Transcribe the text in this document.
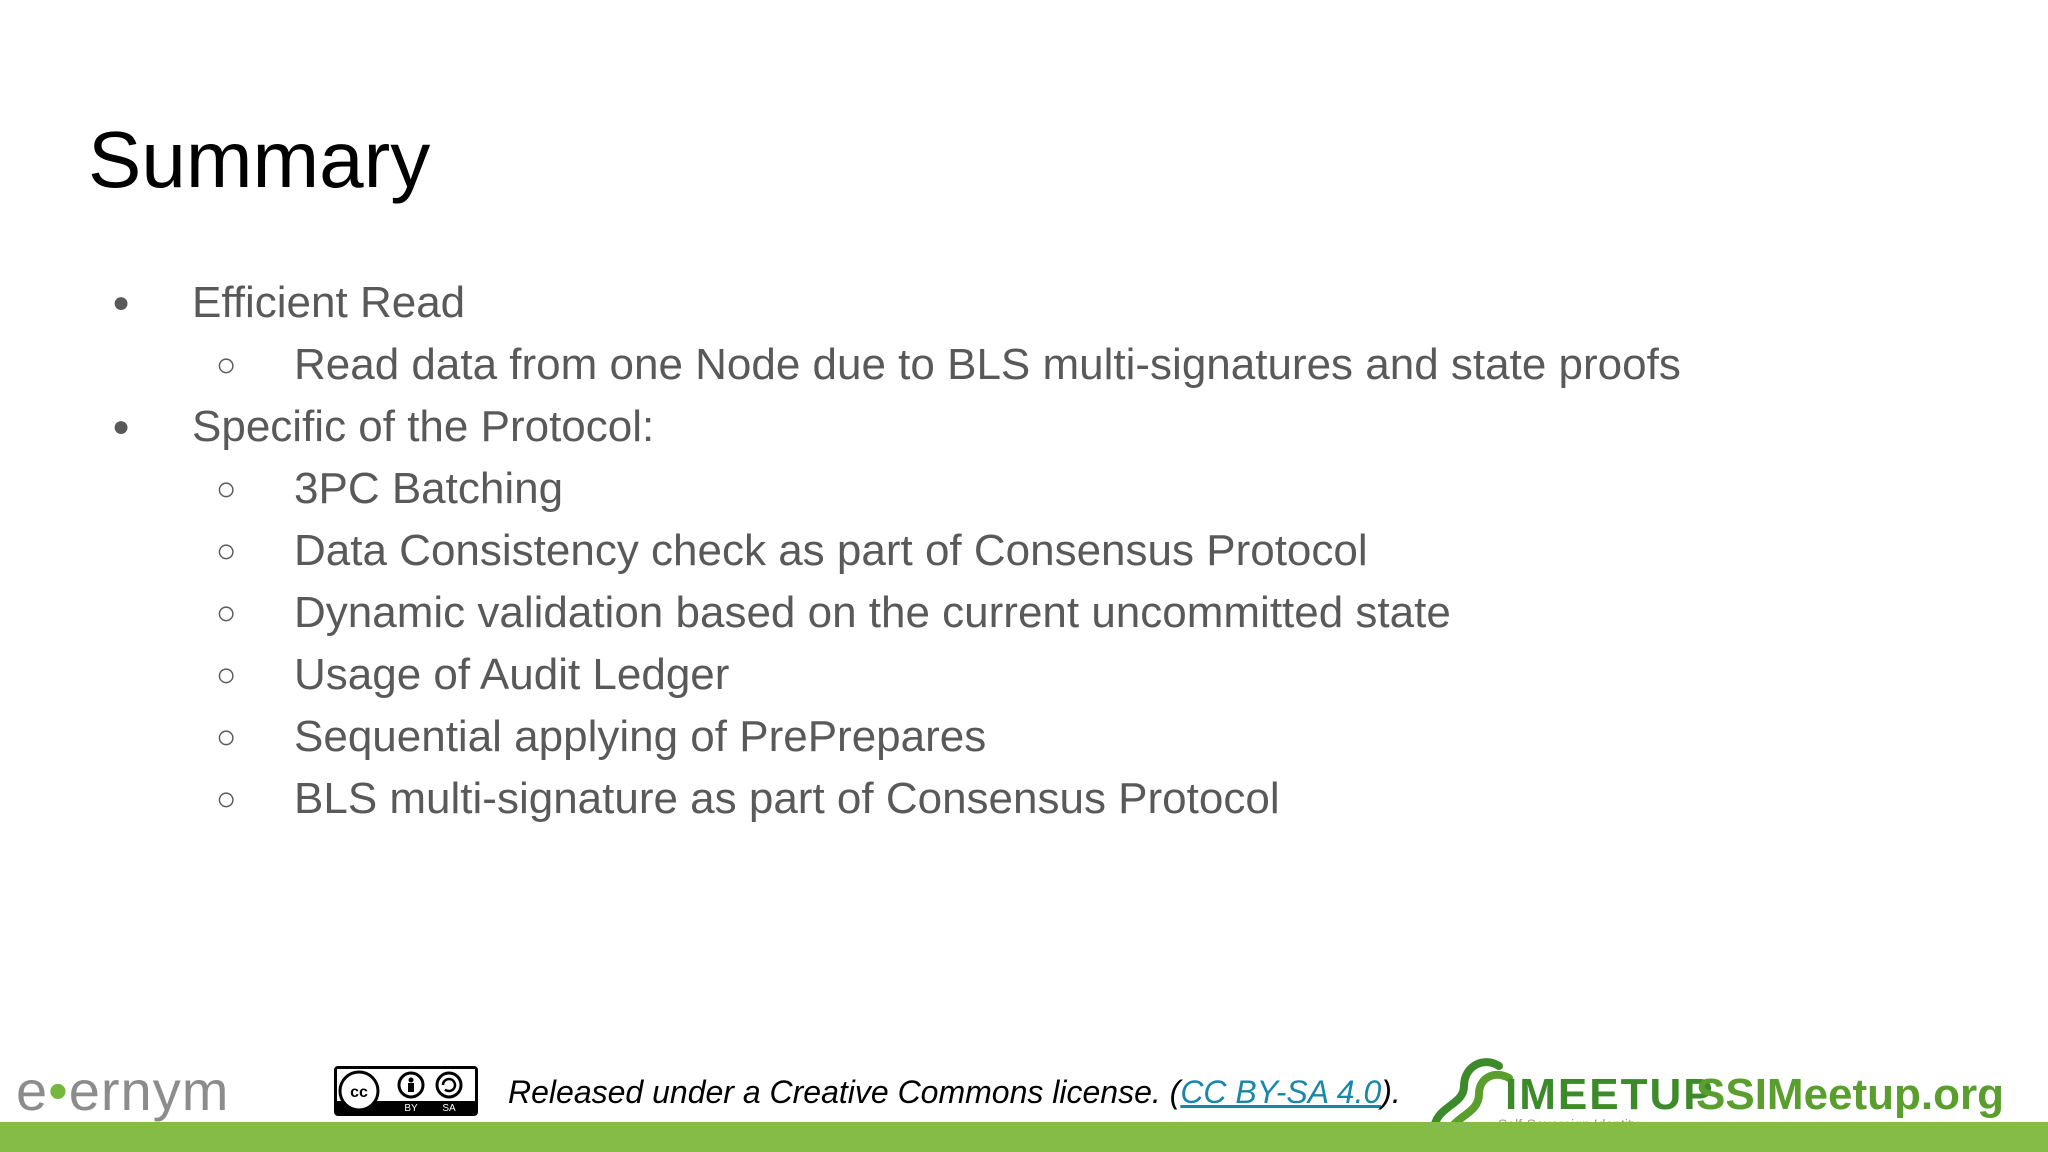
Summary
● Efficient Read
○ Read data from one Node due to BLS multi-signatures and state proofs
● Specific of the Protocol:
○ 3PC Batching
○ Data Consistency check as part of Consensus Protocol
○ Dynamic validation based on the current uncommitted state
○ Usage of Audit Ledger
○ Sequential applying of PrePrepares
○ BLS multi-signature as part of Consensus Protocol
e•ernym	cc
BY SA Released under a Creative Commons license. (CC BY-SA 4.0). IMEETUP
SSIMeetup.org
